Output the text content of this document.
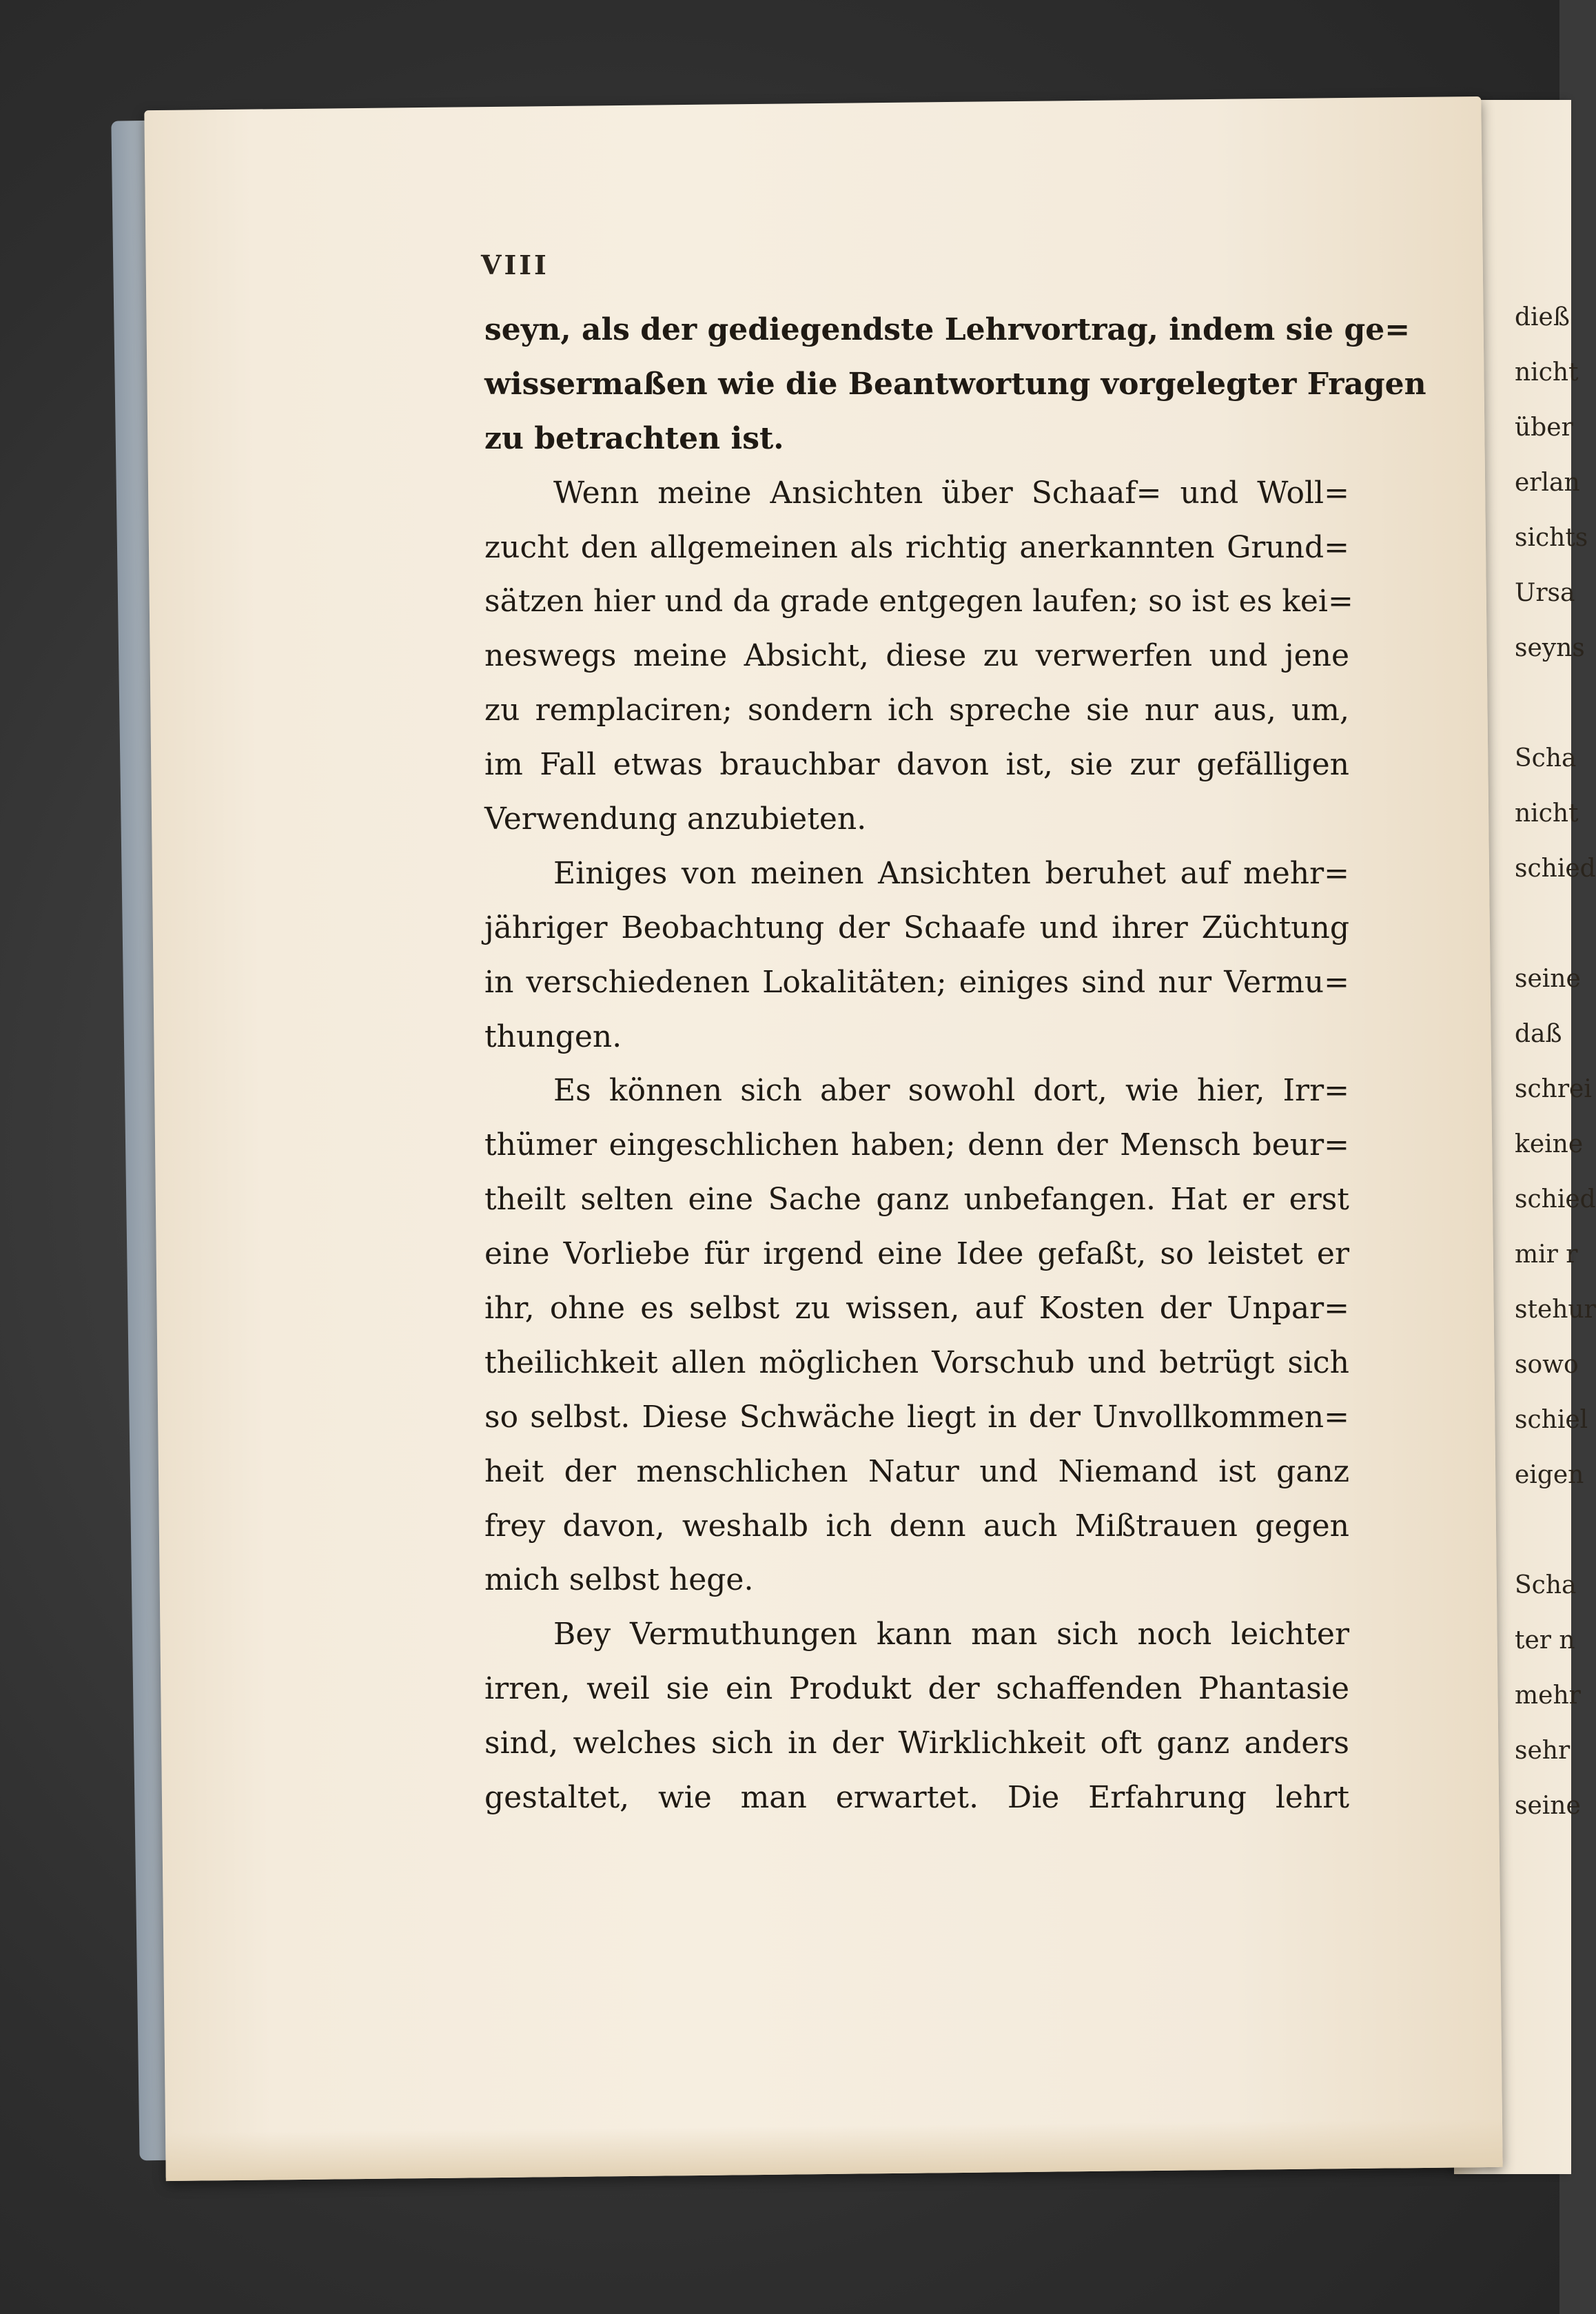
VIII
seyn, als der gediegendste Lehrvortrag, indem sie ge=
wissermaßen wie die Beantwortung vorgelegter Fragen
zu betrachten ist.
Wenn meine Ansichten über Schaaf= und Woll=
zucht den allgemeinen als richtig anerkannten Grund=
sätzen hier und da grade entgegen laufen; so ist es kei=
neswegs meine Absicht, diese zu verwerfen und jene
zu remplaciren; sondern ich spreche sie nur aus, um,
im Fall etwas brauchbar davon ist, sie zur gefälligen
Verwendung anzubieten.
Einiges von meinen Ansichten beruhet auf mehr=
jähriger Beobachtung der Schaafe und ihrer Züchtung
in verschiedenen Lokalitäten; einiges sind nur Vermu=
thungen.
Es können sich aber sowohl dort, wie hier, Irr=
thümer eingeschlichen haben; denn der Mensch beur=
theilt selten eine Sache ganz unbefangen. Hat er erst
eine Vorliebe für irgend eine Idee gefaßt, so leistet er
ihr, ohne es selbst zu wissen, auf Kosten der Unpar=
theilichkeit allen möglichen Vorschub und betrügt sich
so selbst. Diese Schwäche liegt in der Unvollkommen=
heit der menschlichen Natur und Niemand ist ganz
frey davon, weshalb ich denn auch Mißtrauen gegen
mich selbst hege.
Bey Vermuthungen kann man sich noch leichter
irren, weil sie ein Produkt der schaffenden Phantasie
sind, welches sich in der Wirklichkeit oft ganz anders
gestaltet, wie man erwartet. Die Erfahrung lehrt
dieß
nicht
über
erlan
sichts
Ursa
seyns
Scha
nicht
schied
seine
daß
schrei
keine
schied
mir r
stehur
sowo
schiel
eigen
Scha
ter n
mehr
sehr
seine
